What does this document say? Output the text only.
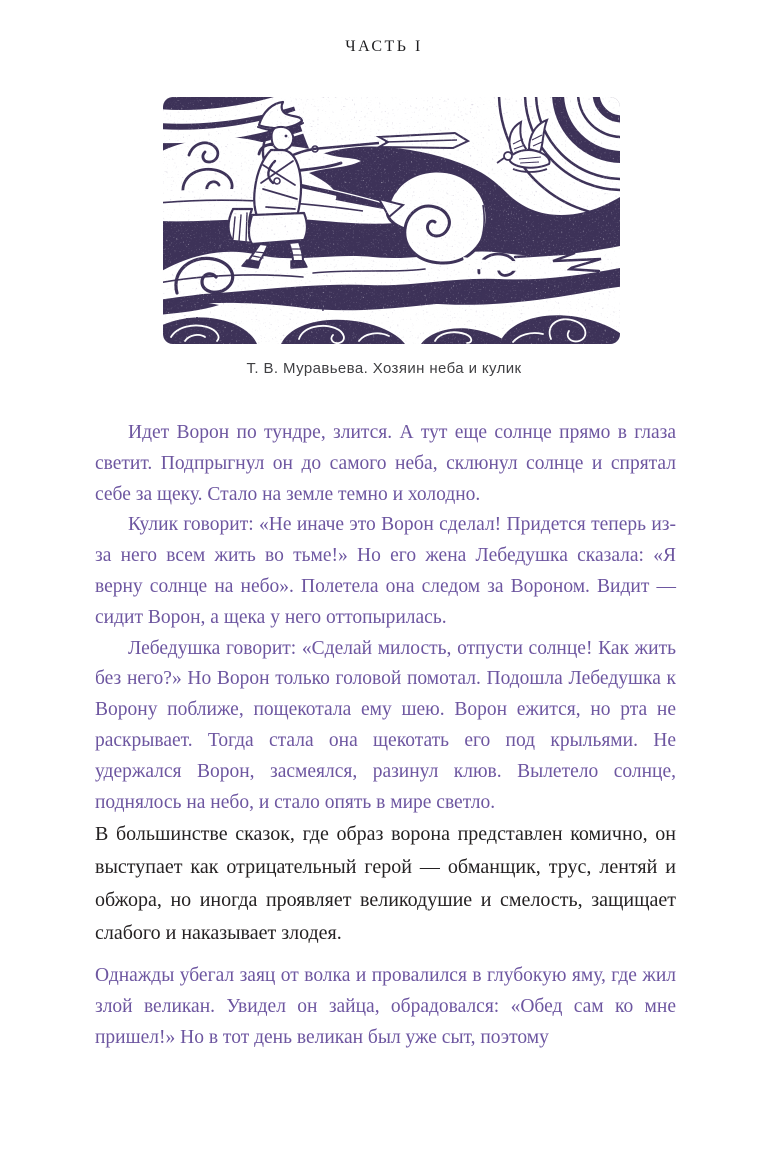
ЧАСТЬ I
Т. В. Муравьева. Хозяин неба и кулик

Идет Ворон по тундре, злится. А тут еще солнце прямо в глаза светит. Подпрыгнул он до самого неба, склюнул солнце и спрятал себе за щеку. Стало на земле темно и холодно.

Кулик говорит: «Не иначе это Ворон сделал! Придется теперь из-за него всем жить во тьме!» Но его жена Лебедушка сказала: «Я верну солнце на небо». Полетела она следом за Вороном. Видит — сидит Ворон, а щека у него оттопырилась.

Лебедушка говорит: «Сделай милость, отпусти солнце! Как жить без него?» Но Ворон только головой помотал. Подошла Лебедушка к Ворону поближе, пощекотала ему шею. Ворон ежится, но рта не раскрывает. Тогда стала она щекотать его под крыльями. Не удержался Ворон, засмеялся, разинул клюв. Вылетело солнце, поднялось на небо, и стало опять в мире светло.

В большинстве сказок, где образ ворона представлен комично, он выступает как отрицательный герой — обманщик, трус, лентяй и обжора, но иногда проявляет великодушие и смелость, защищает слабого и наказывает злодея.

Однажды убегал заяц от волка и провалился в глубокую яму, где жил злой великан. Увидел он зайца, обрадовался: «Обед сам ко мне пришел!» Но в тот день великан был уже сыт, поэтому
